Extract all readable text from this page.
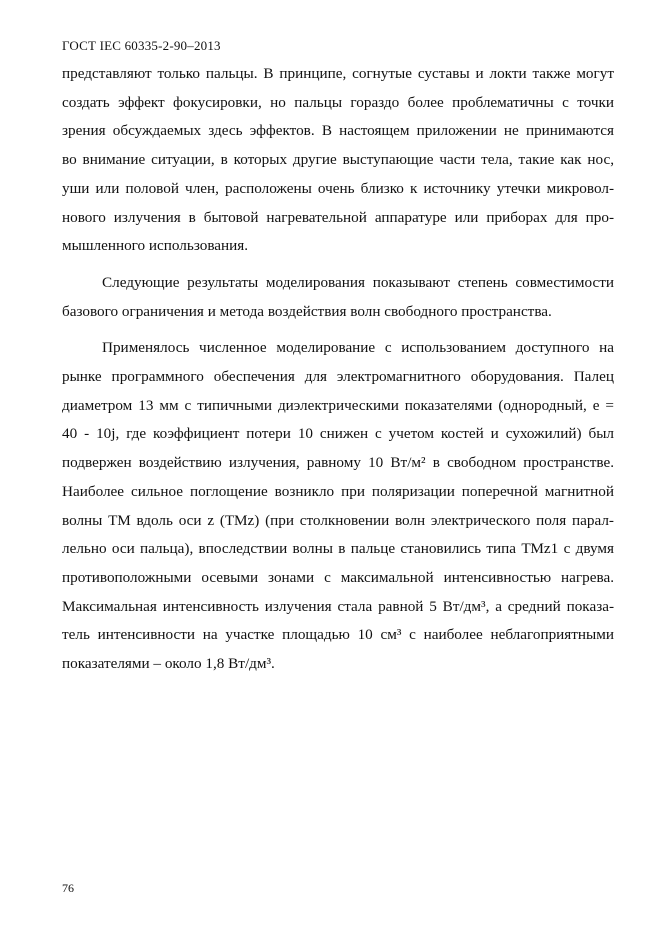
ГОСТ IEC 60335-2-90–2013

представляют только пальцы. В принципе, согнутые суставы и локти также могут
создать эффект фокусировки, но пальцы гораздо более проблематичны с точки
зрения обсуждаемых здесь эффектов. В настоящем приложении не принимаются
во внимание ситуации, в которых другие выступающие части тела, такие как нос,
уши или половой член, расположены очень близко к источнику утечки микровол-
нового излучения в бытовой нагревательной аппаратуре или приборах для про-
мышленного использования.

Следующие результаты моделирования показывают степень совместимости
базового ограничения и метода воздействия волн свободного пространства.

Применялось численное моделирование с использованием доступного на
рынке программного обеспечения для электромагнитного оборудования. Палец
диаметром 13 мм с типичными диэлектрическими показателями (однородный, e =
40 - 10j, где коэффициент потери 10 снижен с учетом костей и сухожилий) был
подвержен воздействию излучения, равному 10 Вт/м² в свободном пространстве.
Наиболее сильное поглощение возникло при поляризации поперечной магнитной
волны ТМ вдоль оси z (ТМz) (при столкновении волн электрического поля парал-
лельно оси пальца), впоследствии волны в пальце становились типа ТМz1 с двумя
противоположными осевыми зонами с максимальной интенсивностью нагрева.
Максимальная интенсивность излучения стала равной 5 Вт/дм³, а средний показа-
тель интенсивности на участке площадью 10 см³ с наиболее неблагоприятными
показателями – около 1,8 Вт/дм³.

76
